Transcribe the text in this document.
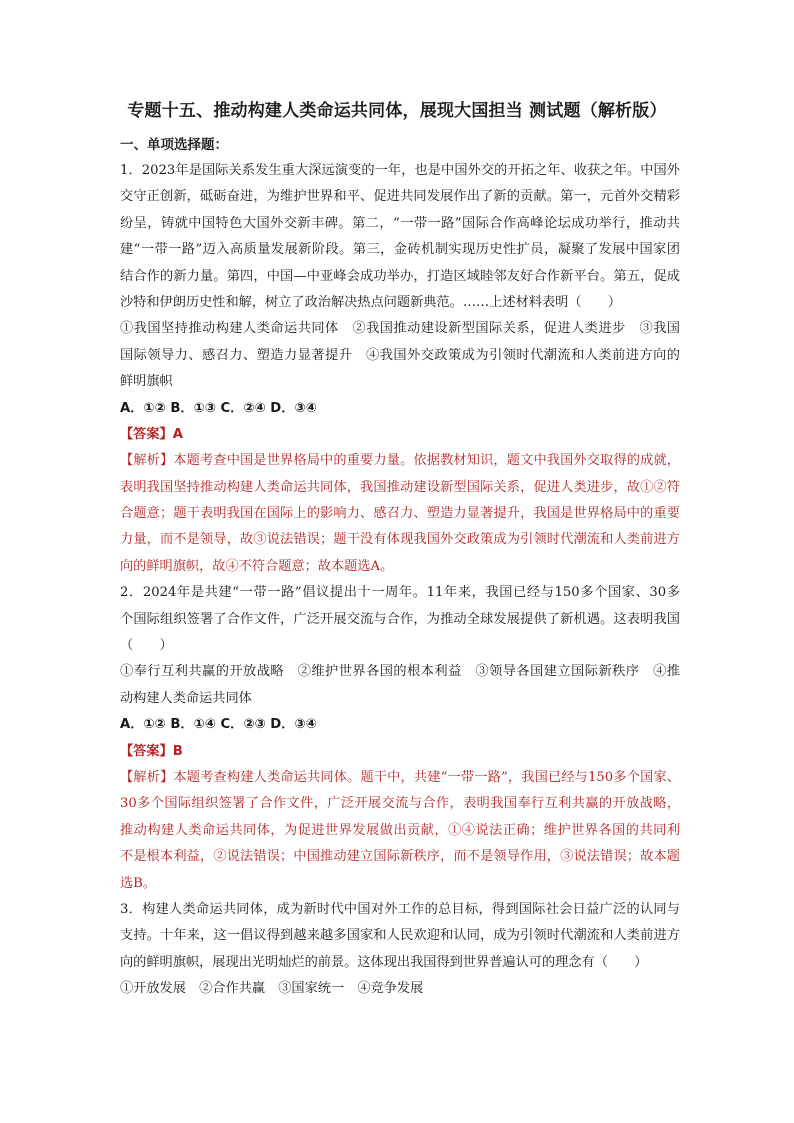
专题十五、推动构建人类命运共同体，展现大国担当 测试题（解析版）
一、单项选择题：
1．2023年是国际关系发生重大深远演变的一年，也是中国外交的开拓之年、收获之年。中国外
交守正创新，砥砺奋进，为维护世界和平、促进共同发展作出了新的贡献。第一，元首外交精彩
纷呈，铸就中国特色大国外交新丰碑。第二，“一带一路”国际合作高峰论坛成功举行，推动共
建“一带一路”迈入高质量发展新阶段。第三，金砖机制实现历史性扩员，凝聚了发展中国家团
结合作的新力量。第四，中国—中亚峰会成功举办，打造区域睦邻友好合作新平台。第五，促成
沙特和伊朗历史性和解，树立了政治解决热点问题新典范。……上述材料表明（　　）
①我国坚持推动构建人类命运共同体　②我国推动建设新型国际关系，促进人类进步　③我国
国际领导力、感召力、塑造力显著提升　④我国外交政策成为引领时代潮流和人类前进方向的
鲜明旗帜
A．①② B．①③ C．②④ D．③④
【答案】A
【解析】本题考查中国是世界格局中的重要力量。依据教材知识，题文中我国外交取得的成就，
表明我国坚持推动构建人类命运共同体，我国推动建设新型国际关系，促进人类进步，故①②符
合题意；题干表明我国在国际上的影响力、感召力、塑造力显著提升，我国是世界格局中的重要
力量，而不是领导，故③说法错误；题干没有体现我国外交政策成为引领时代潮流和人类前进方
向的鲜明旗帜，故④不符合题意；故本题选A。
2．2024年是共建“一带一路”倡议提出十一周年。11年来，我国已经与150多个国家、30多
个国际组织签署了合作文件，广泛开展交流与合作，为推动全球发展提供了新机遇。这表明我国
（　　）
①奉行互利共赢的开放战略　②维护世界各国的根本利益　③领导各国建立国际新秩序　④推
动构建人类命运共同体
A．①② B．①④ C．②③ D．③④
【答案】B
【解析】本题考查构建人类命运共同体。题干中，共建“一带一路”，我国已经与150多个国家、
30多个国际组织签署了合作文件，广泛开展交流与合作，表明我国奉行互利共赢的开放战略，
推动构建人类命运共同体，为促进世界发展做出贡献，①④说法正确；维护世界各国的共同利
不是根本利益，②说法错误；中国推动建立国际新秩序，而不是领导作用，③说法错误；故本题
选B。
3．构建人类命运共同体，成为新时代中国对外工作的总目标，得到国际社会日益广泛的认同与
支持。十年来，这一倡议得到越来越多国家和人民欢迎和认同，成为引领时代潮流和人类前进方
向的鲜明旗帜，展现出光明灿烂的前景。这体现出我国得到世界普遍认可的理念有（　　）
①开放发展　②合作共赢　③国家统一　④竞争发展
